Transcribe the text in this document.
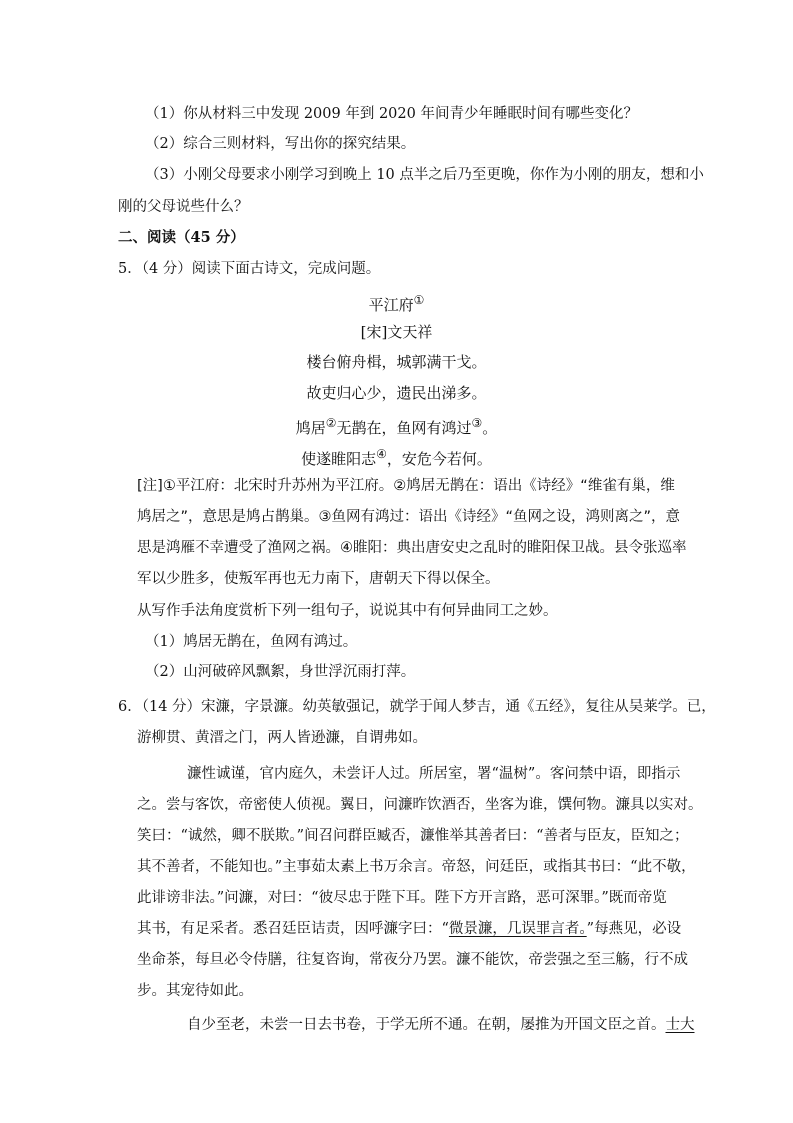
（1）你从材料三中发现 2009 年到 2020 年间青少年睡眠时间有哪些变化？
（2）综合三则材料，写出你的探究结果。
（3）小刚父母要求小刚学习到晚上 10 点半之后乃至更晚，你作为小刚的朋友，想和小
刚的父母说些什么？
二、阅读（45 分）
5．（4 分）阅读下面古诗文，完成问题。
平江府①
[宋]文天祥
楼台俯舟楫，城郭满干戈。
故吏归心少，遗民出涕多。
鸠居②无鹊在，鱼网有鸿过③。
使遂睢阳志④，安危今若何。
[注]①平江府：北宋时升苏州为平江府。②鸠居无鹊在：语出《诗经》“维雀有巢，维
鸠居之”，意思是鸠占鹊巢。③鱼网有鸿过：语出《诗经》“鱼网之设，鸿则离之”，意
思是鸿雁不幸遭受了渔网之祸。④睢阳：典出唐安史之乱时的睢阳保卫战。县令张巡率
军以少胜多，使叛军再也无力南下，唐朝天下得以保全。
从写作手法角度赏析下列一组句子，说说其中有何异曲同工之妙。
（1）鸠居无鹊在，鱼网有鸿过。
（2）山河破碎风飘絮，身世浮沉雨打萍。
6．（14 分）宋濂，字景濂。幼英敏强记，就学于闻人梦吉，通《五经》，复往从吴莱学。已，
游柳贯、黄溍之门，两人皆逊濂，自谓弗如。
濂性诚谨，官内庭久，未尝讦人过。所居室，署“温树”。客问禁中语，即指示
之。尝与客饮，帝密使人侦视。翼日，问濂昨饮酒否，坐客为谁，馔何物。濂具以实对。
笑曰：“诚然，卿不朕欺。”间召问群臣臧否，濂惟举其善者曰：“善者与臣友，臣知之；
其不善者，不能知也。”主事茹太素上书万余言。帝怒，问廷臣，或指其书曰：“此不敬，
此诽谤非法。”问濂，对曰：“彼尽忠于陛下耳。陛下方开言路，恶可深罪。”既而帝览
其书，有足采者。悉召廷臣诘责，因呼濂字曰：“微景濂，几误罪言者。”每燕见，必设
坐命茶，每旦必令侍膳，往复咨询，常夜分乃罢。濂不能饮，帝尝强之至三觞，行不成
步。其宠待如此。
自少至老，未尝一日去书卷，于学无所不通。在朝，屡推为开国文臣之首。士大
